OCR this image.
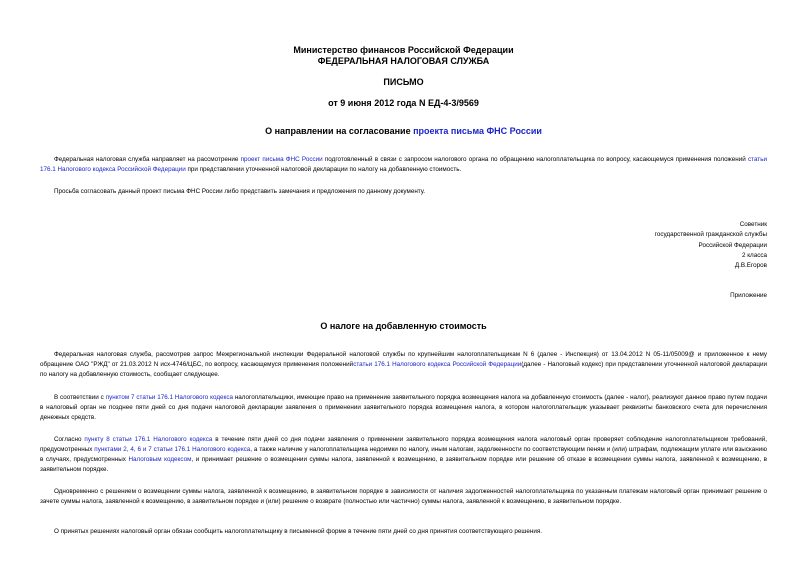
Министерство финансов Российской Федерации
ФЕДЕРАЛЬНАЯ НАЛОГОВАЯ СЛУЖБА
ПИСЬМО
от 9 июня 2012 года N ЕД-4-3/9569
О направлении на согласование проекта письма ФНС России
Федеральная налоговая служба направляет на рассмотрение проект письма ФНС России подготовленный в связи с запросом налогового органа по обращению налогоплательщика по вопросу, касающемуся применения положений статьи 176.1 Налогового кодекса Российской Федерации при представлении уточненной налоговой декларации по налогу на добавленную стоимость.
Просьба согласовать данный проект письма ФНС России либо представить замечания и предложения по данному документу.
Советник
государственной гражданской службы
Российской Федерации
2 класса
Д.В.Егоров
Приложение
О налоге на добавленную стоимость
Федеральная налоговая служба, рассмотрев запрос Межрегиональной инспекции Федеральной налоговой службы по крупнейшим налогоплательщикам N 6 (далее - Инспекция) от 13.04.2012 N 05-11/05009@ и приложенное к нему обращение ОАО "РЖД" от 21.03.2012 N исх-4746/ЦБС, по вопросу, касающемуся применения положенийстатьи 176.1 Налогового кодекса Российской Федерации(далее - Налоговый кодекс) при представлении уточненной налоговой декларации по налогу на добавленную стоимость, сообщает следующее.
В соответствии с пунктом 7 статьи 176.1 Налогового кодекса налогоплательщики, имеющие право на применение заявительного порядка возмещения налога на добавленную стоимость (далее - налог), реализуют данное право путем подачи в налоговый орган не позднее пяти дней со дня подачи налоговой декларации заявления о применении заявительного порядка возмещения налога, в котором налогоплательщик указывает реквизиты банковского счета для перечисления денежных средств.
Согласно пункту 8 статьи 176.1 Налогового кодекса в течение пяти дней со дня подачи заявления о применении заявительного порядка возмещения налога налоговый орган проверяет соблюдение налогоплательщиком требований, предусмотренных пунктами 2, 4, 6 и 7 статьи 176.1 Налогового кодекса, а также наличие у налогоплательщика недоимки по налогу, иным налогам, задолженности по соответствующим пеням и (или) штрафам, подлежащим уплате или взысканию в случаях, предусмотренных Налоговым кодексом, и принимает решение о возмещении суммы налога, заявленной к возмещению, в заявительном порядке или решение об отказе в возмещении суммы налога, заявленной к возмещению, в заявительном порядке.
Одновременно с решением о возмещении суммы налога, заявленной к возмещению, в заявительном порядке в зависимости от наличия задолженностей налогоплательщика по указанным платежам налоговый орган принимает решение о зачете суммы налога, заявленной к возмещению, в заявительном порядке и (или) решение о возврате (полностью или частично) суммы налога, заявленной к возмещению, в заявительном порядке.
О принятых решениях налоговый орган обязан сообщить налогоплательщику в письменной форме в течение пяти дней со дня принятия соответствующего решения.
